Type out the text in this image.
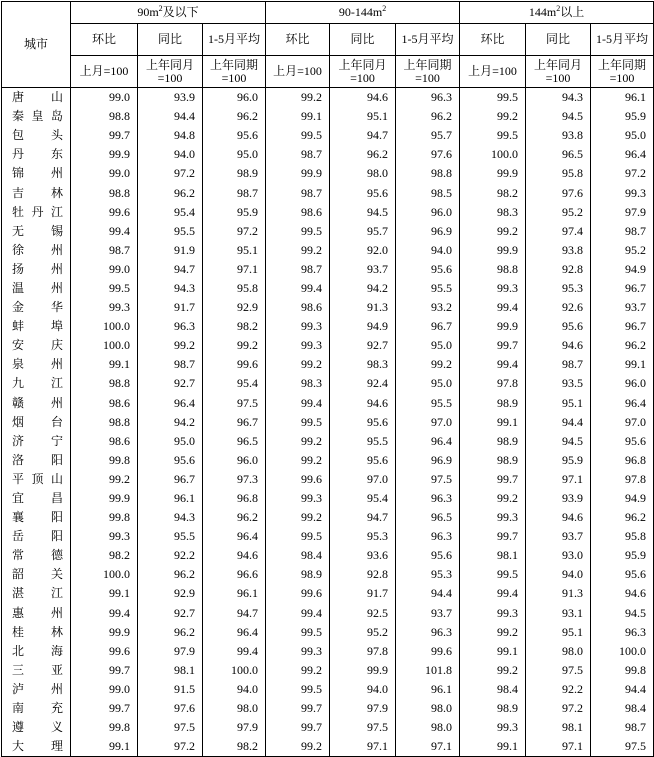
城市	$90m^2$及以下			$90-144m^2$			$144m^2$以上		
	环比	同比	1-5月平均	环比	同比	1-5月平均	环比	同比	1-5月平均
	上月=100	上年同月=100	上年同期=100	上月=100	上年同月=100	上年同期=100	上月=100	上年同月=100	上年同期=100
唐山	99.0	93.9	96.0	99.2	94.6	96.3	99.5	94.3	96.1
秦皇岛	98.8	94.4	96.2	99.1	95.1	96.2	99.2	94.5	95.9
包头	99.7	94.8	95.6	99.5	94.7	95.7	99.5	93.8	95.0
丹东	99.9	94.0	95.0	98.7	96.2	97.6	100.0	96.5	96.4
锦州	99.0	97.2	98.9	99.9	98.0	98.8	99.9	95.8	97.2
吉林	98.8	96.2	98.7	98.7	95.6	98.5	98.2	97.6	99.3
牡丹江	99.6	95.4	95.9	98.6	94.5	96.0	98.3	95.2	97.9
无锡	99.4	95.5	97.2	99.5	95.7	96.9	99.2	97.4	98.7
徐州	98.7	91.9	95.1	99.2	92.0	94.0	99.9	93.8	95.2
扬州	99.0	94.7	97.1	98.7	93.7	95.6	98.8	92.8	94.9
温州	99.5	94.3	95.8	99.4	94.2	95.5	99.3	95.3	96.7
金华	99.3	91.7	92.9	98.6	91.3	93.2	99.4	92.6	93.7
蚌埠	100.0	96.3	98.2	99.3	94.9	96.7	99.9	95.6	96.7
安庆	100.0	99.2	99.2	99.3	92.7	95.0	99.7	94.6	96.2
泉州	99.1	98.7	99.6	99.2	98.3	99.2	99.4	98.7	99.1
九江	98.8	92.7	95.4	98.3	92.4	95.0	97.8	93.5	96.0
赣州	98.6	96.4	97.5	99.4	94.6	95.5	98.9	95.1	96.4
烟台	98.8	94.2	96.7	99.5	95.6	97.0	99.1	94.4	97.0
济宁	98.6	95.0	96.5	99.2	95.5	96.4	98.9	94.5	95.6
洛阳	99.8	95.6	96.0	99.2	95.6	96.9	98.9	95.9	96.8
平顶山	99.2	96.7	97.3	99.6	97.0	97.5	99.7	97.1	97.8
宜昌	99.9	96.1	96.8	99.3	95.4	96.3	99.2	93.9	94.9
襄阳	99.8	94.3	96.2	99.2	94.7	96.5	99.3	94.6	96.2
岳阳	99.3	95.5	96.4	99.5	95.3	96.3	99.7	93.7	95.8
常德	98.2	92.2	94.6	98.4	93.6	95.6	98.1	93.0	95.9
韶关	100.0	96.2	96.6	98.9	92.8	95.3	99.5	94.0	95.6
湛江	99.1	92.9	96.1	99.6	91.7	94.4	99.4	91.3	94.6
惠州	99.4	92.7	94.7	99.4	92.5	93.7	99.3	93.1	94.5
桂林	99.9	96.2	96.4	99.5	95.2	96.3	99.2	95.1	96.3
北海	99.6	97.9	99.4	99.3	97.8	99.6	99.1	98.0	100.0
三亚	99.7	98.1	100.0	99.2	99.9	101.8	99.2	97.5	99.8
泸州	99.0	91.5	94.0	99.5	94.0	96.1	98.4	92.2	94.4
南充	99.7	97.6	98.0	99.7	97.9	98.0	98.9	97.2	98.4
遵义	99.8	97.5	97.9	99.7	97.5	98.0	99.3	98.1	98.7
大理	99.1	97.2	98.2	99.2	97.1	97.1	99.1	97.1	97.5
